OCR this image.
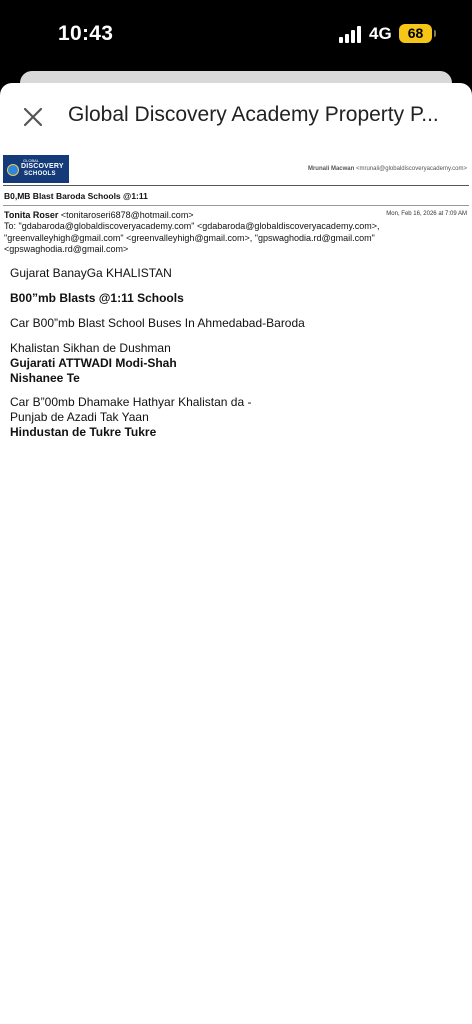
10:43	4G	68
Global Discovery Academy Property P...
GLOBAL
DISCOVERY
SCHOOLS
Mrunali Macwan <mrunali@globaldiscoveryacademy.com>
B0,MB Blast Baroda Schools @1:11
Tonita Roser <tonitaroseri6878@hotmail.com>	Mon, Feb 16, 2026 at 7:09 AM
To: "gdabaroda@globaldiscoveryacademy.com" <gdabaroda@globaldiscoveryacademy.com>,
"greenvalleyhigh@gmail.com" <greenvalleyhigh@gmail.com>, "gpswaghodia.rd@gmail.com"
<gpswaghodia.rd@gmail.com>

Gujarat BanayGa KHALISTAN

B00”mb Blasts @1:11 Schools

Car B00”mb Blast School Buses In Ahmedabad-Baroda

Khalistan Sikhan de Dushman

Gujarati ATTWADI Modi-Shah

Nishanee Te

Car B”00mb Dhamake Hathyar Khalistan da -

Punjab de Azadi Tak Yaan

Hindustan de Tukre Tukre
